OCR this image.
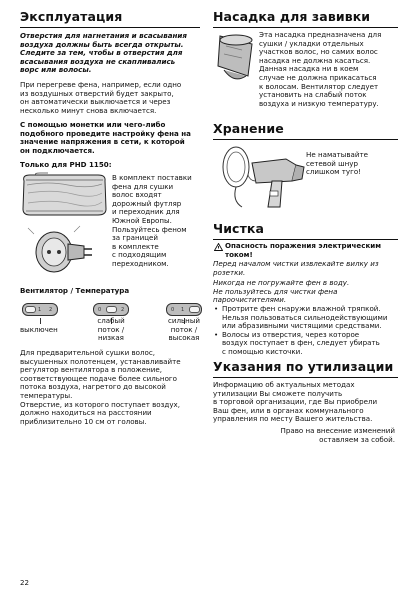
Эксплуатация
Отверстия для нагнетания и всасывания
воздуха должны быть всегда открыты.
Следите за тем, чтобы в отверстия для
всасывания воздуха не скапливались
ворс или волосы.
При перегреве фена, например, если одно
из воздушных отверстий будет закрыто,
он автоматически выключается и через
несколько минут снова включается.
С помощью монетки или чего-либо
подобного проведите настройку фена на
значение напряжения в сети, к которой
он подключается.
Только для PHD 1150:
В комплект поставки
фена для сушки
волос входят
дорожный футляр
и переходник для
Южной Европы.
Пользуйтесь феном
за границей
в комплекте
с подходящим
переходником.
Вентилятор / Температура
1 2	0	2	0 1
выключен
слабый
поток /
низкая
сильный
поток /
высокая
Для предварительной сушки волос,
высушенных полотенцем, устанавливайте
регулятор вентилятора в положение,
соответствующее подаче более сильного
потока воздуха, нагретого до высокой
температуры.
Отверстие, из которого поступает воздух,
должно находиться на расстоянии
приблизительно 10 см от головы.
22
Насадка для завивки
Эта насадка предназначена для
сушки / укладки отдельных
участков волос, но самих волос
насадка не должна касаться.
Данная насадка ни в коем
случае не должна прикасаться
к волосам. Вентилятор следует
установить на слабый поток
воздуха и низкую температуру.
Хранение
Не наматывайте
сетевой шнур
слишком туго!
Чистка
Опасность поражения электрическим
током!
Перед началом чистки извлекайте вилку из
розетки.
Никогда не погружайте фен в воду.
Не пользуйтесь для чистки фена
пароочистителями.
• Протрите фен снаружи влажной тряпкой.
Нельзя пользоваться сильнодействующими
или абразивными чистящими средствами.
• Волосы из отверстия, через которое
воздух поступает в фен, следует убирать
с помощью кисточки.
Указания по утилизации
Информацию об актуальных методах
утилизации Вы сможете получить
в торговой организации, где Вы приобрели
Ваш фен, или в органах коммунального
управления по месту Вашего жительства.
Право на внесение изменений
оставляем за собой.
